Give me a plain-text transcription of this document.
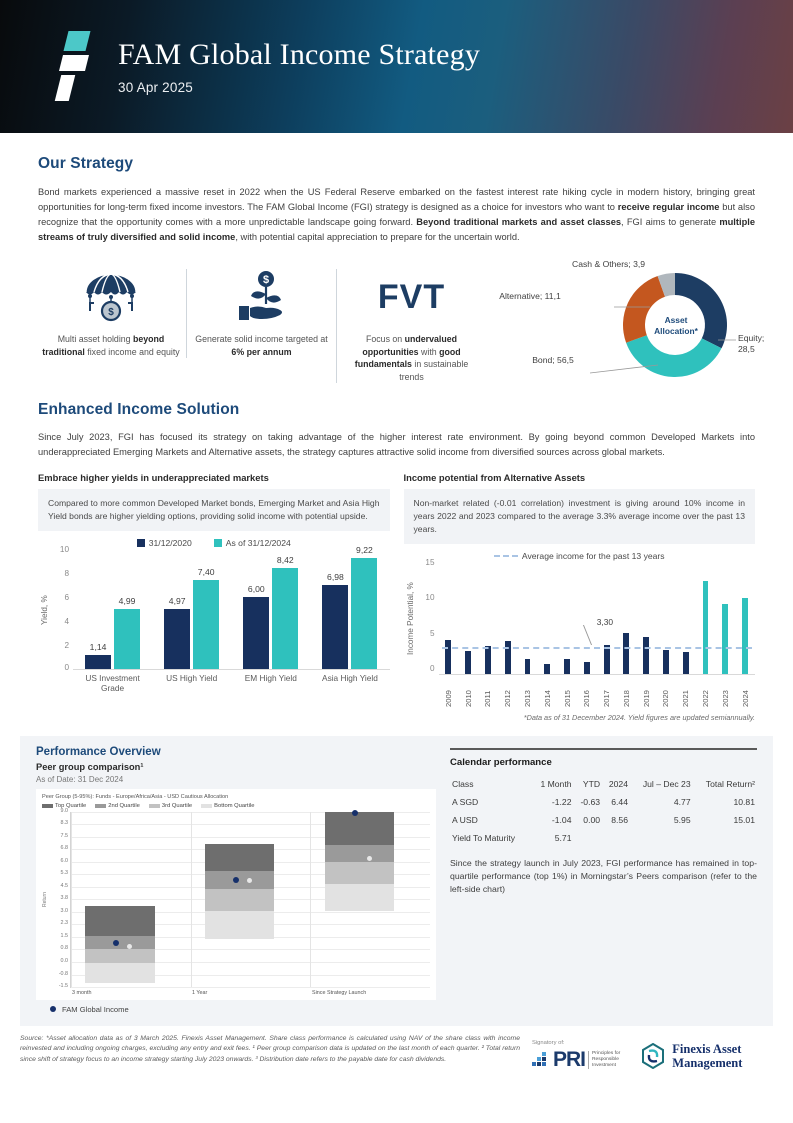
FAM Global Income Strategy
30 Apr 2025
Our Strategy
Bond markets experienced a massive reset in 2022 when the US Federal Reserve embarked on the fastest interest rate hiking cycle in modern history, bringing great opportunities for long-term fixed income investors. The FAM Global Income (FGI) strategy is designed as a choice for investors who want to receive regular income but also recognize that the opportunity comes with a more unpredictable landscape going forward. Beyond traditional markets and asset classes, FGI aims to generate multiple streams of truly diversified and solid income, with potential capital appreciation to prepare for the uncertain world.
$
Multi asset holding beyond traditional fixed income and equity
$
Generate solid income targeted at 6% per annum
FVT
Focus on undervalued opportunities with good fundamentals in sustainable trends
Asset
Allocation*
Cash & Others; 3,9
Alternative; 11,1
Equity; 28,5
Bond; 56,5
Enhanced Income Solution
Since July 2023, FGI has focused its strategy on taking advantage of the higher interest rate environment. By going beyond common Developed Markets into underappreciated Emerging Markets and Alternative assets, the strategy captures attractive solid income from diversified sources across global markets.
Embrace higher yields in underappreciated markets
Compared to more common Developed Market bonds, Emerging Market and Asia High Yield bonds are higher yielding options, providing solid income with potential upside.
31/12/2020	As of 31/12/2024
Yield, %
10
8
6
4
2
0
1,14
4,99	4,97
7,40
6,00
8,42
6,98
9,22
US Investment Grade
US High Yield	EM High Yield	Asia High Yield
Income potential from Alternative Assets
Non-market related (-0.01 correlation) investment is giving around 10% income in years 2022 and 2023 compared to the average 3.3% average income over the past 13 years.
Average income for the past 13 years
Income Potential, %
15
10
5
0
3,30
2009 2010 2011 2012 2013 2014 2015 2016 2017 2018 2019 2020 2021 2022 2023 2024
*Data as of 31 December 2024. Yield figures are updated semiannually.
Performance Overview
Peer group comparison¹
As of Date: 31 Dec 2024
Peer Group (5-95%): Funds - Europe/Africa/Asia - USD Cautious Allocation
Top Quartile	2nd Quartile	3rd Quartile	Bottom Quartile
Return
9.0
8.3
7.5
6.8
6.0
5.3
4.5
3.8
3.0
2.3
1.5
0.8
0.0
-0.8
-1.5
3 month	1 Year	Since Strategy Launch
FAM Global Income
Calendar performance
Class	1 Month	YTD	2024	Jul – Dec 23	Total Return²
A SGD	-1.22	-0.63	6.44	4.77	10.81
A USD	-1.04	0.00	8.56	5.95	15.01
Yield To Maturity	5.71				
Since the strategy launch in July 2023, FGI performance has remained in top-quartile performance (top 1%) in Morningstar’s Peers comparison (refer to the left-side chart)
Source: *Asset allocation data as of 3 March 2025. Finexis Asset Management. Share class performance is calculated using NAV of the share class with income reinvested and including ongoing charges, excluding any entry and exit fees. ¹ Peer group comparison data is updated on the last month of each quarter. ² Total return since shift of strategy focus to an income strategy starting July 2023 onwards. ³ Distribution date refers to the payable date for cash dividends.
Signatory of:
PRI Principles for
Responsible
Investment
Finexis Asset
Management
